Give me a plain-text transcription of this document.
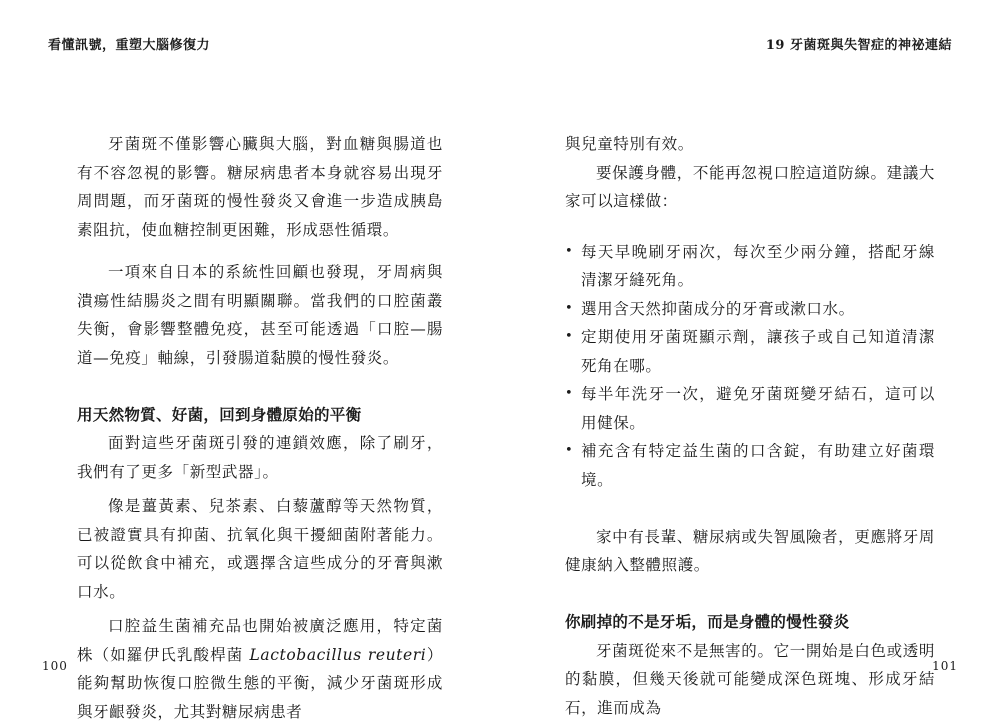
看懂訊號，重塑大腦修復力

牙菌斑不僅影響心臟與大腦，對血糖與腸道也有不容忽視的影響。糖尿病患者本身就容易出現牙周問題，而牙菌斑的慢性發炎又會進一步造成胰島素阻抗，使血糖控制更困難，形成惡性循環。

一項來自日本的系統性回顧也發現，牙周病與潰瘍性結腸炎之間有明顯關聯。當我們的口腔菌叢失衡，會影響整體免疫，甚至可能透過「口腔—腸道—免疫」軸線，引發腸道黏膜的慢性發炎。

用天然物質、好菌，回到身體原始的平衡

面對這些牙菌斑引發的連鎖效應，除了刷牙，我們有了更多「新型武器」。

像是薑黃素、兒茶素、白藜蘆醇等天然物質，已被證實具有抑菌、抗氧化與干擾細菌附著能力。可以從飲食中補充，或選擇含這些成分的牙膏與漱口水。

口腔益生菌補充品也開始被廣泛應用，特定菌株（如羅伊氏乳酸桿菌 Lactobacillus reuteri）能夠幫助恢復口腔微生態的平衡，減少牙菌斑形成與牙齦發炎，尤其對糖尿病患者

100
19 牙菌斑與失智症的神祕連結

與兒童特別有效。

要保護身體，不能再忽視口腔這道防線。建議大家可以這樣做：

• 每天早晚刷牙兩次，每次至少兩分鐘，搭配牙線清潔牙縫死角。
• 選用含天然抑菌成分的牙膏或漱口水。
• 定期使用牙菌斑顯示劑，讓孩子或自己知道清潔死角在哪。
• 每半年洗牙一次，避免牙菌斑變牙結石，這可以用健保。
• 補充含有特定益生菌的口含錠，有助建立好菌環境。

家中有長輩、糖尿病或失智風險者，更應將牙周健康納入整體照護。

你刷掉的不是牙垢，而是身體的慢性發炎

牙菌斑從來不是無害的。它一開始是白色或透明的黏膜，但幾天後就可能變成深色斑塊、形成牙結石，進而成為

101
